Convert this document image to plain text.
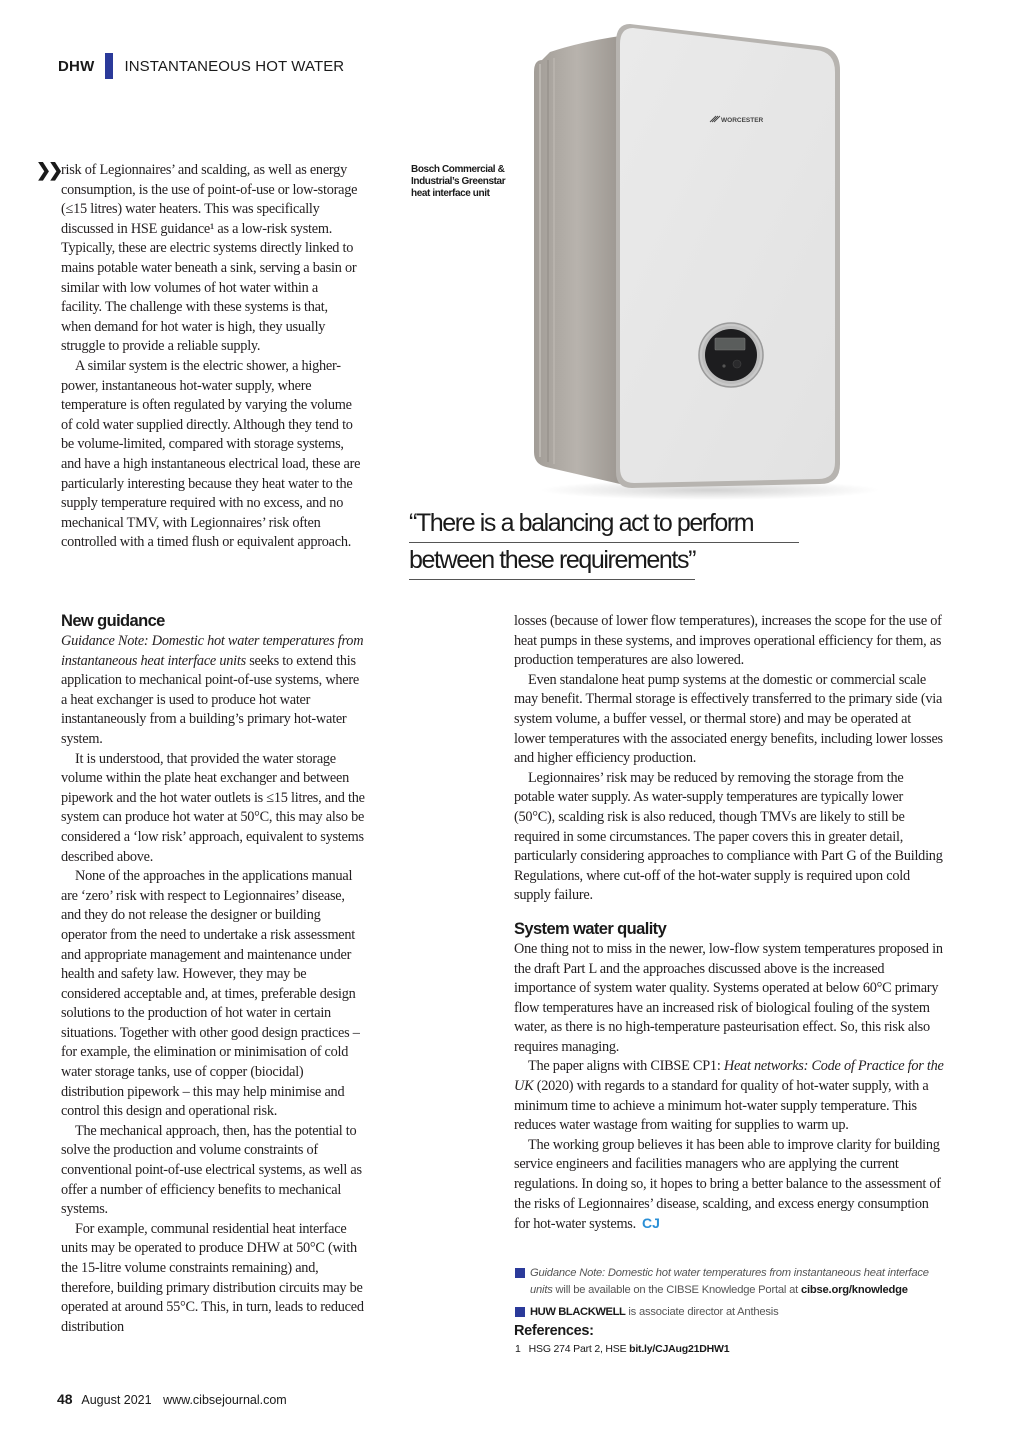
DHW INSTANTANEOUS HOT WATER
❯❯ risk of Legionnaires’ and scalding, as well as energy consumption, is the use of point-of-use or low-storage (≤15 litres) water heaters. This was specifically discussed in HSE guidance¹ as a low-risk system. Typically, these are electric systems directly linked to mains potable water beneath a sink, serving a basin or similar with low volumes of hot water within a facility. The challenge with these systems is that, when demand for hot water is high, they usually struggle to provide a reliable supply.

A similar system is the electric shower, a higher-power, instantaneous hot-water supply, where temperature is often regulated by varying the volume of cold water supplied directly. Although they tend to be volume-limited, compared with storage systems, and have a high instantaneous electrical load, these are particularly interesting because they heat water to the supply temperature required with no excess, and no mechanical TMV, with Legionnaires’ risk often controlled with a timed flush or equivalent approach.

Bosch Commercial & Industrial’s Greenstar heat interface unit
WORCESTER
“There is a balancing act to perform
between these requirements”
New guidance

Guidance Note: Domestic hot water temperatures from instantaneous heat interface units seeks to extend this application to mechanical point-of-use systems, where a heat exchanger is used to produce hot water instantaneously from a building’s primary hot-water system.

It is understood, that provided the water storage volume within the plate heat exchanger and between pipework and the hot water outlets is ≤15 litres, and the system can produce hot water at 50°C, this may also be considered a ‘low risk’ approach, equivalent to systems described above.

None of the approaches in the applications manual are ‘zero’ risk with respect to Legionnaires’ disease, and they do not release the designer or building operator from the need to undertake a risk assessment and appropriate management and maintenance under health and safety law. However, they may be considered acceptable and, at times, preferable design solutions to the production of hot water in certain situations. Together with other good design practices – for example, the elimination or minimisation of cold water storage tanks, use of copper (biocidal) distribution pipework – this may help minimise and control this design and operational risk.

The mechanical approach, then, has the potential to solve the production and volume constraints of conventional point-of-use electrical systems, as well as offer a number of efficiency benefits to mechanical systems.

For example, communal residential heat interface units may be operated to produce DHW at 50°C (with the 15-litre volume constraints remaining) and, therefore, building primary distribution circuits may be operated at around 55°C. This, in turn, leads to reduced distribution

losses (because of lower flow temperatures), increases the scope for the use of heat pumps in these systems, and improves operational efficiency for them, as production temperatures are also lowered.

Even standalone heat pump systems at the domestic or commercial scale may benefit. Thermal storage is effectively transferred to the primary side (via system volume, a buffer vessel, or thermal store) and may be operated at lower temperatures with the associated energy benefits, including lower losses and higher efficiency production.

Legionnaires’ risk may be reduced by removing the storage from the potable water supply. As water-supply temperatures are typically lower (50°C), scalding risk is also reduced, though TMVs are likely to still be required in some circumstances. The paper covers this in greater detail, particularly considering approaches to compliance with Part G of the Building Regulations, where cut-off of the hot-water supply is required upon cold supply failure.

System water quality

One thing not to miss in the newer, low-flow system temperatures proposed in the draft Part L and the approaches discussed above is the increased importance of system water quality. Systems operated at below 60°C primary flow temperatures have an increased risk of biological fouling of the system water, as there is no high-temperature pasteurisation effect. So, this risk also requires managing.

The paper aligns with CIBSE CP1: Heat networks: Code of Practice for the UK (2020) with regards to a standard for quality of hot-water supply, with a minimum time to achieve a minimum hot-water supply temperature. This reduces water wastage from waiting for supplies to warm up.

The working group believes it has been able to improve clarity for building service engineers and facilities managers who are applying the current regulations. In doing so, it hopes to bring a better balance to the assessment of the risks of Legionnaires’ disease, scalding, and excess energy consumption for hot-water systems. CJ

Guidance Note: Domestic hot water temperatures from instantaneous heat interface units will be available on the CIBSE Knowledge Portal at cibse.org/knowledge
HUW BLACKWELL is associate director at Anthesis
References:
1 HSG 274 Part 2, HSE bit.ly/CJAug21DHW1
48 August 2021 www.cibsejournal.com
